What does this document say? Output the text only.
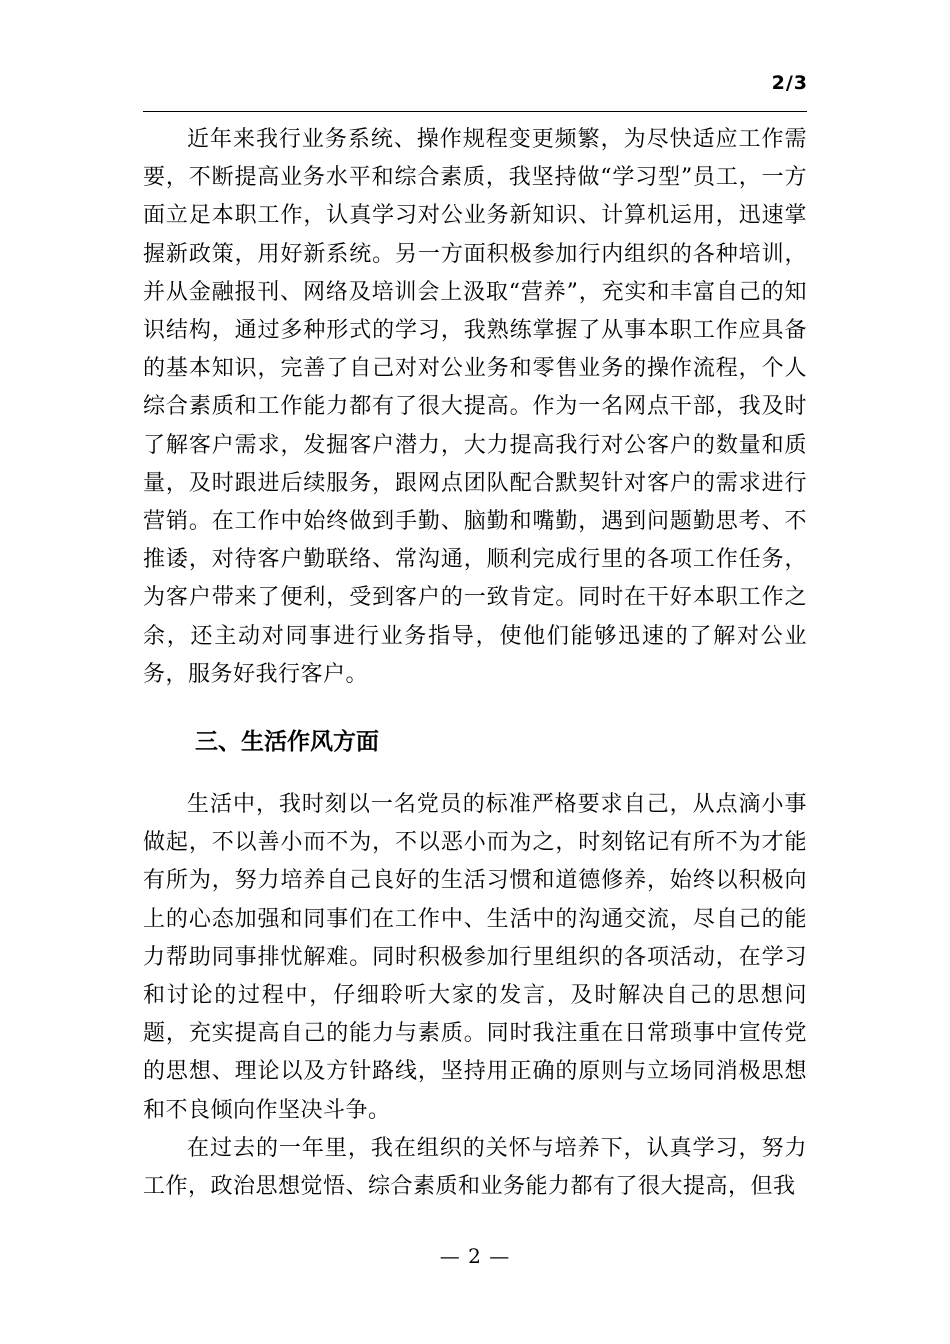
2/3

近年来我行业务系统、操作规程变更频繁，为尽快适应工作需要，不断提高业务水平和综合素质，我坚持做“学习型”员工，一方面立足本职工作，认真学习对公业务新知识、计算机运用，迅速掌握新政策，用好新系统。另一方面积极参加行内组织的各种培训，并从金融报刊、网络及培训会上汲取“营养”，充实和丰富自己的知识结构，通过多种形式的学习，我熟练掌握了从事本职工作应具备的基本知识，完善了自己对对公业务和零售业务的操作流程，个人综合素质和工作能力都有了很大提高。作为一名网点干部，我及时了解客户需求，发掘客户潜力，大力提高我行对公客户的数量和质量，及时跟进后续服务，跟网点团队配合默契针对客户的需求进行营销。在工作中始终做到手勤、脑勤和嘴勤，遇到问题勤思考、不推诿，对待客户勤联络、常沟通，顺利完成行里的各项工作任务，为客户带来了便利，受到客户的一致肯定。同时在干好本职工作之余，还主动对同事进行业务指导，使他们能够迅速的了解对公业务，服务好我行客户。

三、生活作风方面

生活中，我时刻以一名党员的标准严格要求自己，从点滴小事做起，不以善小而不为，不以恶小而为之，时刻铭记有所不为才能有所为，努力培养自己良好的生活习惯和道德修养，始终以积极向上的心态加强和同事们在工作中、生活中的沟通交流，尽自己的能力帮助同事排忧解难。同时积极参加行里组织的各项活动，在学习和讨论的过程中，仔细聆听大家的发言，及时解决自己的思想问题，充实提高自己的能力与素质。同时我注重在日常琐事中宣传党的思想、理论以及方针路线，坚持用正确的原则与立场同消极思想和不良倾向作坚决斗争。

在过去的一年里，我在组织的关怀与培养下，认真学习，努力工作，政治思想觉悟、综合素质和业务能力都有了很大提高，但我

— 2 —
